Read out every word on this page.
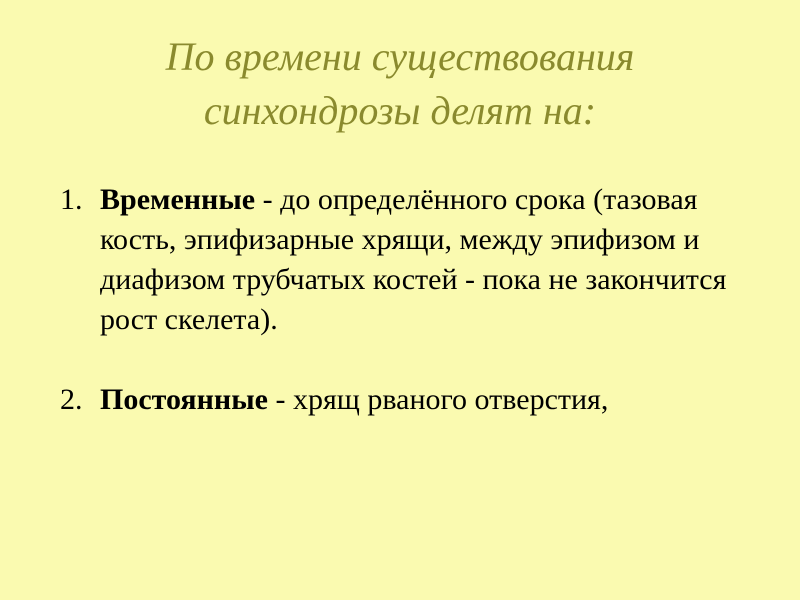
По времени существования
синхондрозы делят на:
1. Временные - до определённого срока (тазовая кость, эпифизарные хрящи, между эпифизом и диафизом трубчатых костей - пока не закончится рост скелета).
2. Постоянные - хрящ рваного отверстия,
